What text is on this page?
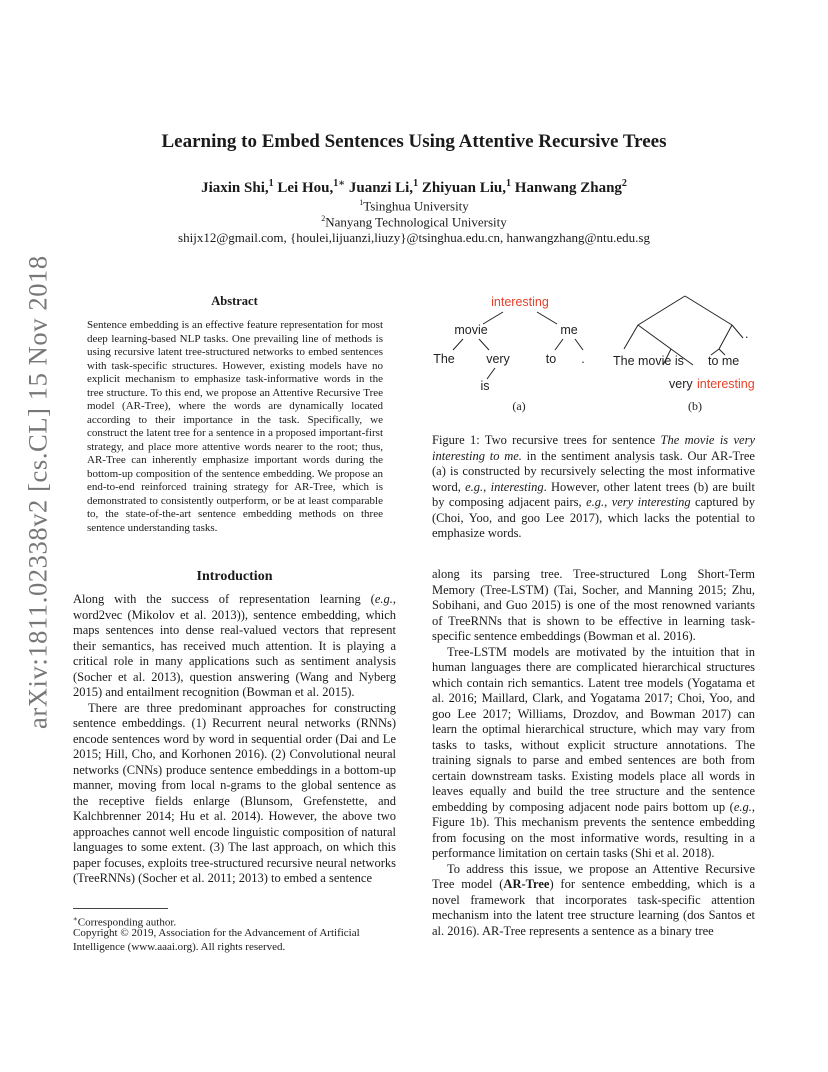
arXiv:1811.02338v2 [cs.CL] 15 Nov 2018
Learning to Embed Sentences Using Attentive Recursive Trees
Jiaxin Shi,$^1$ Lei Hou,$^{1∗}$ Juanzi Li,$^1$ Zhiyuan Liu,$^1$ Hanwang Zhang$^2$
$^1$Tsinghua University
$^2$Nanyang Technological University
shijx12@gmail.com, {houlei,lijuanzi,liuzy}@tsinghua.edu.cn, hanwangzhang@ntu.edu.sg
Abstract
Sentence embedding is an effective feature representation for most deep learning-based NLP tasks. One prevailing line of methods is using recursive latent tree-structured networks to embed sentences with task-specific structures. However, existing models have no explicit mechanism to emphasize task-informative words in the tree structure. To this end, we propose an Attentive Recursive Tree model (AR-Tree), where the words are dynamically located according to their importance in the task. Specifically, we construct the latent tree for a sentence in a proposed important-first strategy, and place more attentive words nearer to the root; thus, AR-Tree can inherently emphasize important words during the bottom-up composition of the sentence embedding. We propose an end-to-end reinforced training strategy for AR-Tree, which is demonstrated to consistently outperform, or be at least comparable to, the state-of-the-art sentence embedding methods on three sentence understanding tasks.
interesting
movie	me
The	very	to .
is
(a)
The movie is to me
.
very interesting
(b)
Figure 1: Two recursive trees for sentence The movie is very interesting to me. in the sentiment analysis task. Our AR-Tree (a) is constructed by recursively selecting the most informative word, e.g., interesting. However, other latent trees (b) are built by composing adjacent pairs, e.g., very interesting captured by (Choi, Yoo, and goo Lee 2017), which lacks the potential to emphasize words.
Introduction

Along with the success of representation learning (e.g., word2vec (Mikolov et al. 2013)), sentence embedding, which maps sentences into dense real-valued vectors that represent their semantics, has received much attention. It is playing a critical role in many applications such as sentiment analysis (Socher et al. 2013), question answering (Wang and Nyberg 2015) and entailment recognition (Bowman et al. 2015).

There are three predominant approaches for constructing sentence embeddings. (1) Recurrent neural networks (RNNs) encode sentences word by word in sequential order (Dai and Le 2015; Hill, Cho, and Korhonen 2016). (2) Convolutional neural networks (CNNs) produce sentence embeddings in a bottom-up manner, moving from local n-grams to the global sentence as the receptive fields enlarge (Blunsom, Grefenstette, and Kalchbrenner 2014; Hu et al. 2014). However, the above two approaches cannot well encode linguistic composition of natural languages to some extent. (3) The last approach, on which this paper focuses, exploits tree-structured recursive neural networks (TreeRNNs) (Socher et al. 2011; 2013) to embed a sentence

along its parsing tree. Tree-structured Long Short-Term Memory (Tree-LSTM) (Tai, Socher, and Manning 2015; Zhu, Sobihani, and Guo 2015) is one of the most renowned variants of TreeRNNs that is shown to be effective in learning task-specific sentence embeddings (Bowman et al. 2016).

Tree-LSTM models are motivated by the intuition that in human languages there are complicated hierarchical structures which contain rich semantics. Latent tree models (Yogatama et al. 2016; Maillard, Clark, and Yogatama 2017; Choi, Yoo, and goo Lee 2017; Williams, Drozdov, and Bowman 2017) can learn the optimal hierarchical structure, which may vary from tasks to tasks, without explicit structure annotations. The training signals to parse and embed sentences are both from certain downstream tasks. Existing models place all words in leaves equally and build the tree structure and the sentence embedding by composing adjacent node pairs bottom up (e.g., Figure 1b). This mechanism prevents the sentence embedding from focusing on the most informative words, resulting in a performance limitation on certain tasks (Shi et al. 2018).

To address this issue, we propose an Attentive Recursive Tree model (AR-Tree) for sentence embedding, which is a novel framework that incorporates task-specific attention mechanism into the latent tree structure learning (dos Santos et al. 2016). AR-Tree represents a sentence as a binary tree

∗Corresponding author.
Copyright © 2019, Association for the Advancement of Artificial Intelligence (www.aaai.org). All rights reserved.
